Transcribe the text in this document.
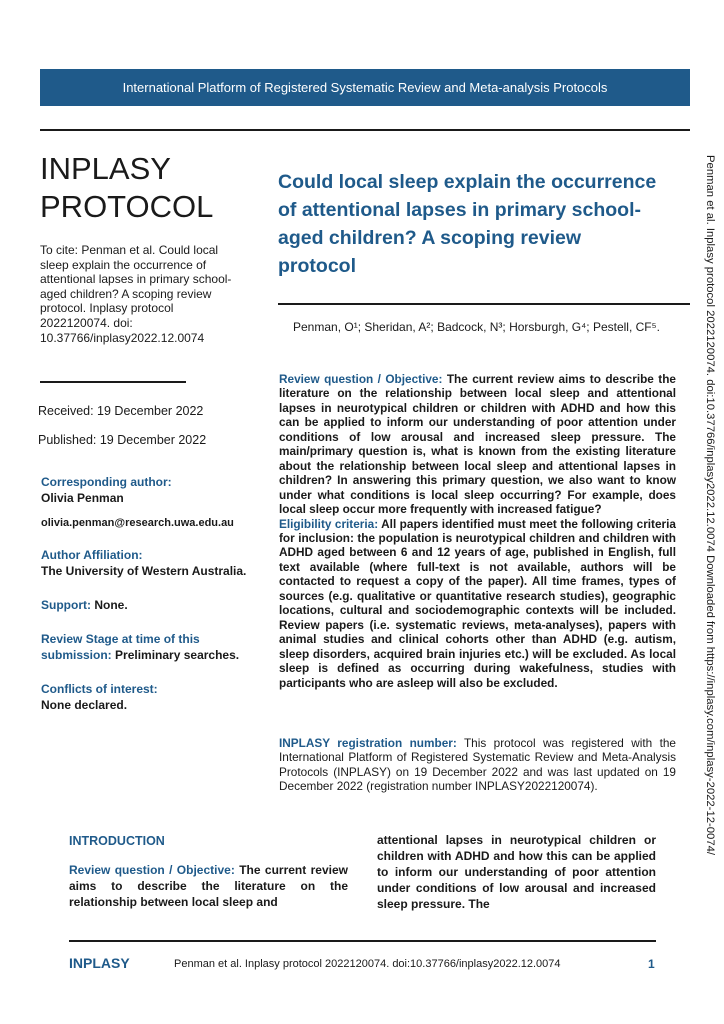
International Platform of Registered Systematic Review and Meta-analysis Protocols
Penman et al. Inplasy protocol 2022120074. doi:10.37766/inplasy2022.12.0074 Downloaded from https://inplasy.com/inplasy-2022-12-0074/
INPLASY
PROTOCOL
To cite: Penman et al. Could local sleep explain the occurrence of attentional lapses in primary school-aged children? A scoping review protocol. Inplasy protocol 2022120074. doi: 10.37766/inplasy2022.12.0074
Received: 19 December 2022
Published: 19 December 2022
Corresponding author:
Olivia Penman
olivia.penman@research.uwa.edu.au
Author Affiliation:
The University of Western Australia.
Support: None.
Review Stage at time of this submission: Preliminary searches.
Conflicts of interest:
None declared.
Could local sleep explain the occurrence of attentional lapses in primary school-aged children? A scoping review protocol
Penman, O¹; Sheridan, A²; Badcock, N³; Horsburgh, G⁴; Pestell, CF⁵.

Review question / Objective: The current review aims to describe the literature on the relationship between local sleep and attentional lapses in neurotypical children or children with ADHD and how this can be applied to inform our understanding of poor attention under conditions of low arousal and increased sleep pressure. The main/primary question is, what is known from the existing literature about the relationship between local sleep and attentional lapses in children? In answering this primary question, we also want to know under what conditions is local sleep occurring? For example, does local sleep occur more frequently with increased fatigue?

Eligibility criteria: All papers identified must meet the following criteria for inclusion: the population is neurotypical children and children with ADHD aged between 6 and 12 years of age, published in English, full text available (where full-text is not available, authors will be contacted to request a copy of the paper). All time frames, types of sources (e.g. qualitative or quantitative research studies), geographic locations, cultural and sociodemographic contexts will be included. Review papers (i.e. systematic reviews, meta-analyses), papers with animal studies and clinical cohorts other than ADHD (e.g. autism, sleep disorders, acquired brain injuries etc.) will be excluded. As local sleep is defined as occurring during wakefulness, studies with participants who are asleep will also be excluded.

INPLASY registration number: This protocol was registered with the International Platform of Registered Systematic Review and Meta-Analysis Protocols (INPLASY) on 19 December 2022 and was last updated on 19 December 2022 (registration number INPLASY2022120074).
INTRODUCTION
Review question / Objective: The current review aims to describe the literature on the relationship between local sleep and
attentional lapses in neurotypical children or children with ADHD and how this can be applied to inform our understanding of poor attention under conditions of low arousal and increased sleep pressure. The
INPLASY	Penman et al. Inplasy protocol 2022120074. doi:10.37766/inplasy2022.12.0074	1
